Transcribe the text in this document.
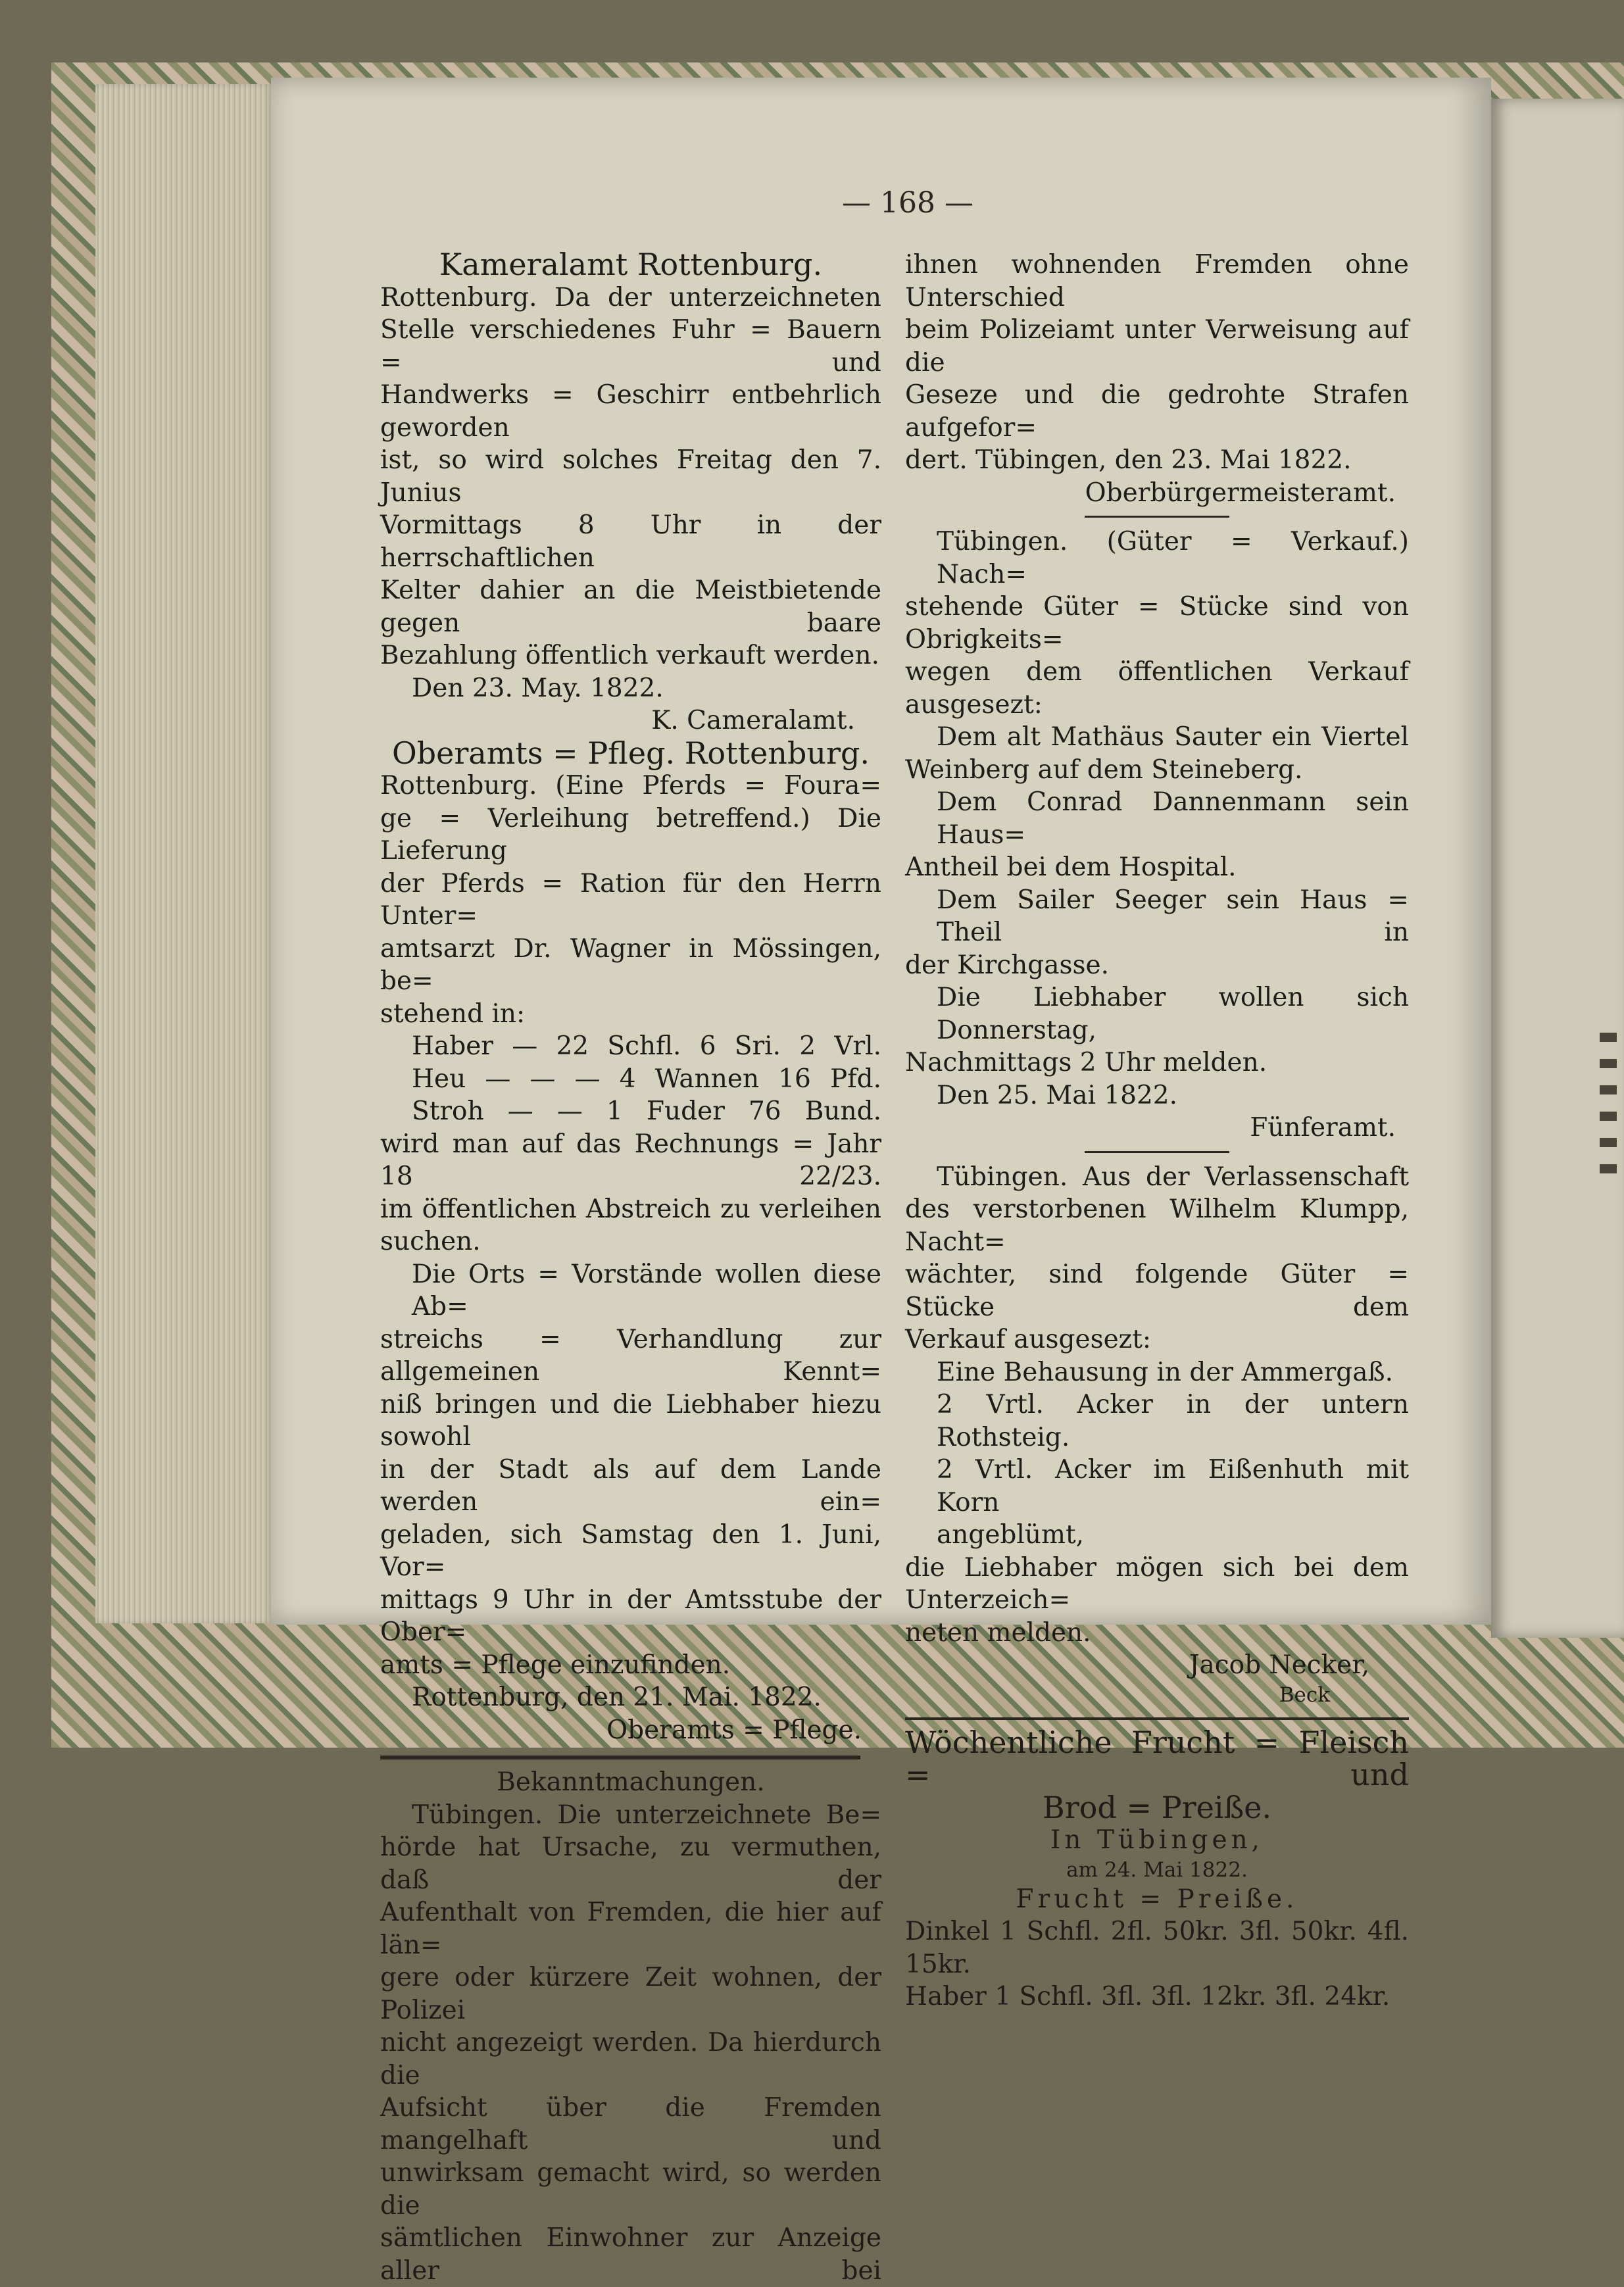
— 168 —

Kameralamt Rottenburg.

Rottenburg. Da der unterzeichneten

Stelle verschiedenes Fuhr = Bauern = und

Handwerks = Geschirr entbehrlich geworden

ist, so wird solches Freitag den 7. Junius

Vormittags 8 Uhr in der herrschaftlichen

Kelter dahier an die Meistbietende gegen baare

Bezahlung öffentlich verkauft werden.

Den 23. May. 1822.

K. Cameralamt.

Oberamts = Pfleg. Rottenburg.

Rottenburg. (Eine Pferds = Foura=

ge = Verleihung betreffend.) Die Lieferung

der Pferds = Ration für den Herrn Unter=

amtsarzt Dr. Wagner in Mössingen, be=

stehend in:

Haber — 22 Schfl. 6 Sri. 2 Vrl.

Heu — — — 4 Wannen 16 Pfd.

Stroh — — 1 Fuder 76 Bund.

wird man auf das Rechnungs = Jahr 18 22/23.

im öffentlichen Abstreich zu verleihen suchen.

Die Orts = Vorstände wollen diese Ab=

streichs = Verhandlung zur allgemeinen Kennt=

niß bringen und die Liebhaber hiezu sowohl

in der Stadt als auf dem Lande werden ein=

geladen, sich Samstag den 1. Juni, Vor=

mittags 9 Uhr in der Amtsstube der Ober=

amts = Pflege einzufinden.

Rottenburg, den 21. Mai. 1822.

Oberamts = Pflege.

Bekanntmachungen.

Tübingen. Die unterzeichnete Be=

hörde hat Ursache, zu vermuthen, daß der

Aufenthalt von Fremden, die hier auf län=

gere oder kürzere Zeit wohnen, der Polizei

nicht angezeigt werden. Da hierdurch die

Aufsicht über die Fremden mangelhaft und

unwirksam gemacht wird, so werden die

sämtlichen Einwohner zur Anzeige aller bei

ihnen wohnenden Fremden ohne Unterschied

beim Polizeiamt unter Verweisung auf die

Geseze und die gedrohte Strafen aufgefor=

dert. Tübingen, den 23. Mai 1822.

Oberbürgermeisteramt.

Tübingen. (Güter = Verkauf.) Nach=

stehende Güter = Stücke sind von Obrigkeits=

wegen dem öffentlichen Verkauf ausgesezt:

Dem alt Mathäus Sauter ein Viertel

Weinberg auf dem Steineberg.

Dem Conrad Dannenmann sein Haus=

Antheil bei dem Hospital.

Dem Sailer Seeger sein Haus = Theil in

der Kirchgasse.

Die Liebhaber wollen sich Donnerstag,

Nachmittags 2 Uhr melden.

Den 25. Mai 1822.

Fünferamt.

Tübingen. Aus der Verlassenschaft

des verstorbenen Wilhelm Klumpp, Nacht=

wächter, sind folgende Güter = Stücke dem

Verkauf ausgesezt:

Eine Behausung in der Ammergaß.

2 Vrtl. Acker in der untern Rothsteig.

2 Vrtl. Acker im Eißenhuth mit Korn

angeblümt,

die Liebhaber mögen sich bei dem Unterzeich=

neten melden.

Jacob Necker,

Beck

Wöchentliche Frucht = Fleisch = und

Brod = Preiße.

In Tübingen,

am 24. Mai 1822.

Frucht = Preiße.

Dinkel 1 Schfl. 2fl. 50kr. 3fl. 50kr. 4fl. 15kr.

Haber 1 Schfl. 3fl. 3fl. 12kr. 3fl. 24kr.
